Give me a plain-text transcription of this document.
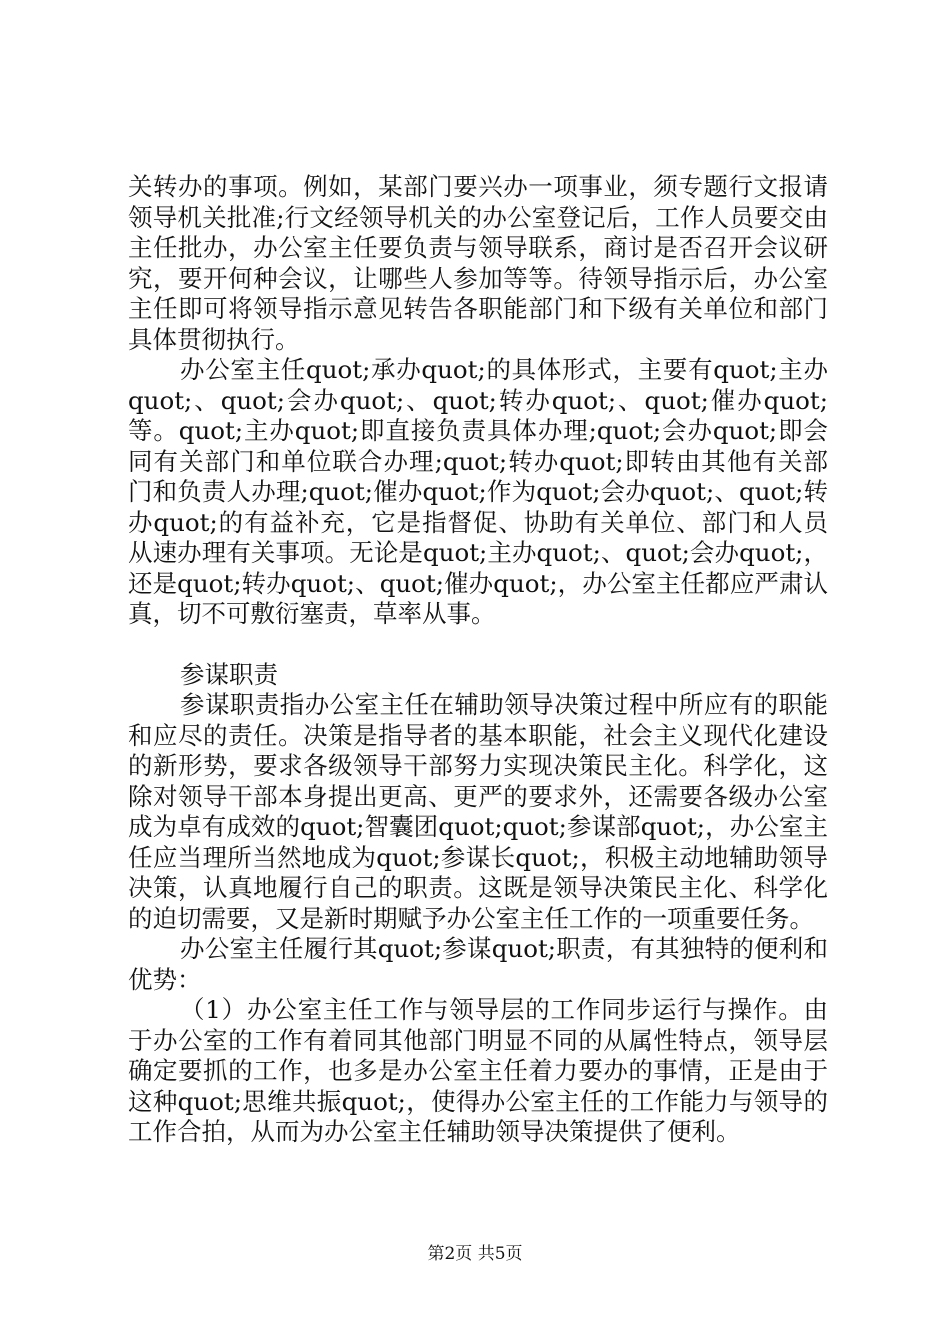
关转办的事项。例如，某部门要兴办一项事业，须专题行文报请领导机关批准;行文经领导机关的办公室登记后，工作人员要交由主任批办，办公室主任要负责与领导联系，商讨是否召开会议研究，要开何种会议，让哪些人参加等等。待领导指示后，办公室主任即可将领导指示意见转告各职能部门和下级有关单位和部门具体贯彻执行。

办公室主任quot;承办quot;的具体形式，主要有quot;主办quot;、quot;会办quot;、quot;转办quot;、quot;催办quot;等。quot;主办quot;即直接负责具体办理;quot;会办quot;即会同有关部门和单位联合办理;quot;转办quot;即转由其他有关部门和负责人办理;quot;催办quot;作为quot;会办quot;、quot;转办quot;的有益补充，它是指督促、协助有关单位、部门和人员从速办理有关事项。无论是quot;主办quot;、quot;会办quot;，还是quot;转办quot;、quot;催办quot;，办公室主任都应严肃认真，切不可敷衍塞责，草率从事。

参谋职责

参谋职责指办公室主任在辅助领导决策过程中所应有的职能和应尽的责任。决策是指导者的基本职能，社会主义现代化建设的新形势，要求各级领导干部努力实现决策民主化。科学化，这除对领导干部本身提出更高、更严的要求外，还需要各级办公室成为卓有成效的quot;智囊团quot;quot;参谋部quot;，办公室主任应当理所当然地成为quot;参谋长quot;，积极主动地辅助领导决策，认真地履行自己的职责。这既是领导决策民主化、科学化的迫切需要，又是新时期赋予办公室主任工作的一项重要任务。

办公室主任履行其quot;参谋quot;职责，有其独特的便利和优势：

（1）办公室主任工作与领导层的工作同步运行与操作。由于办公室的工作有着同其他部门明显不同的从属性特点，领导层确定要抓的工作，也多是办公室主任着力要办的事情，正是由于这种quot;思维共振quot;，使得办公室主任的工作能力与领导的工作合拍，从而为办公室主任辅助领导决策提供了便利。

第2页 共5页
